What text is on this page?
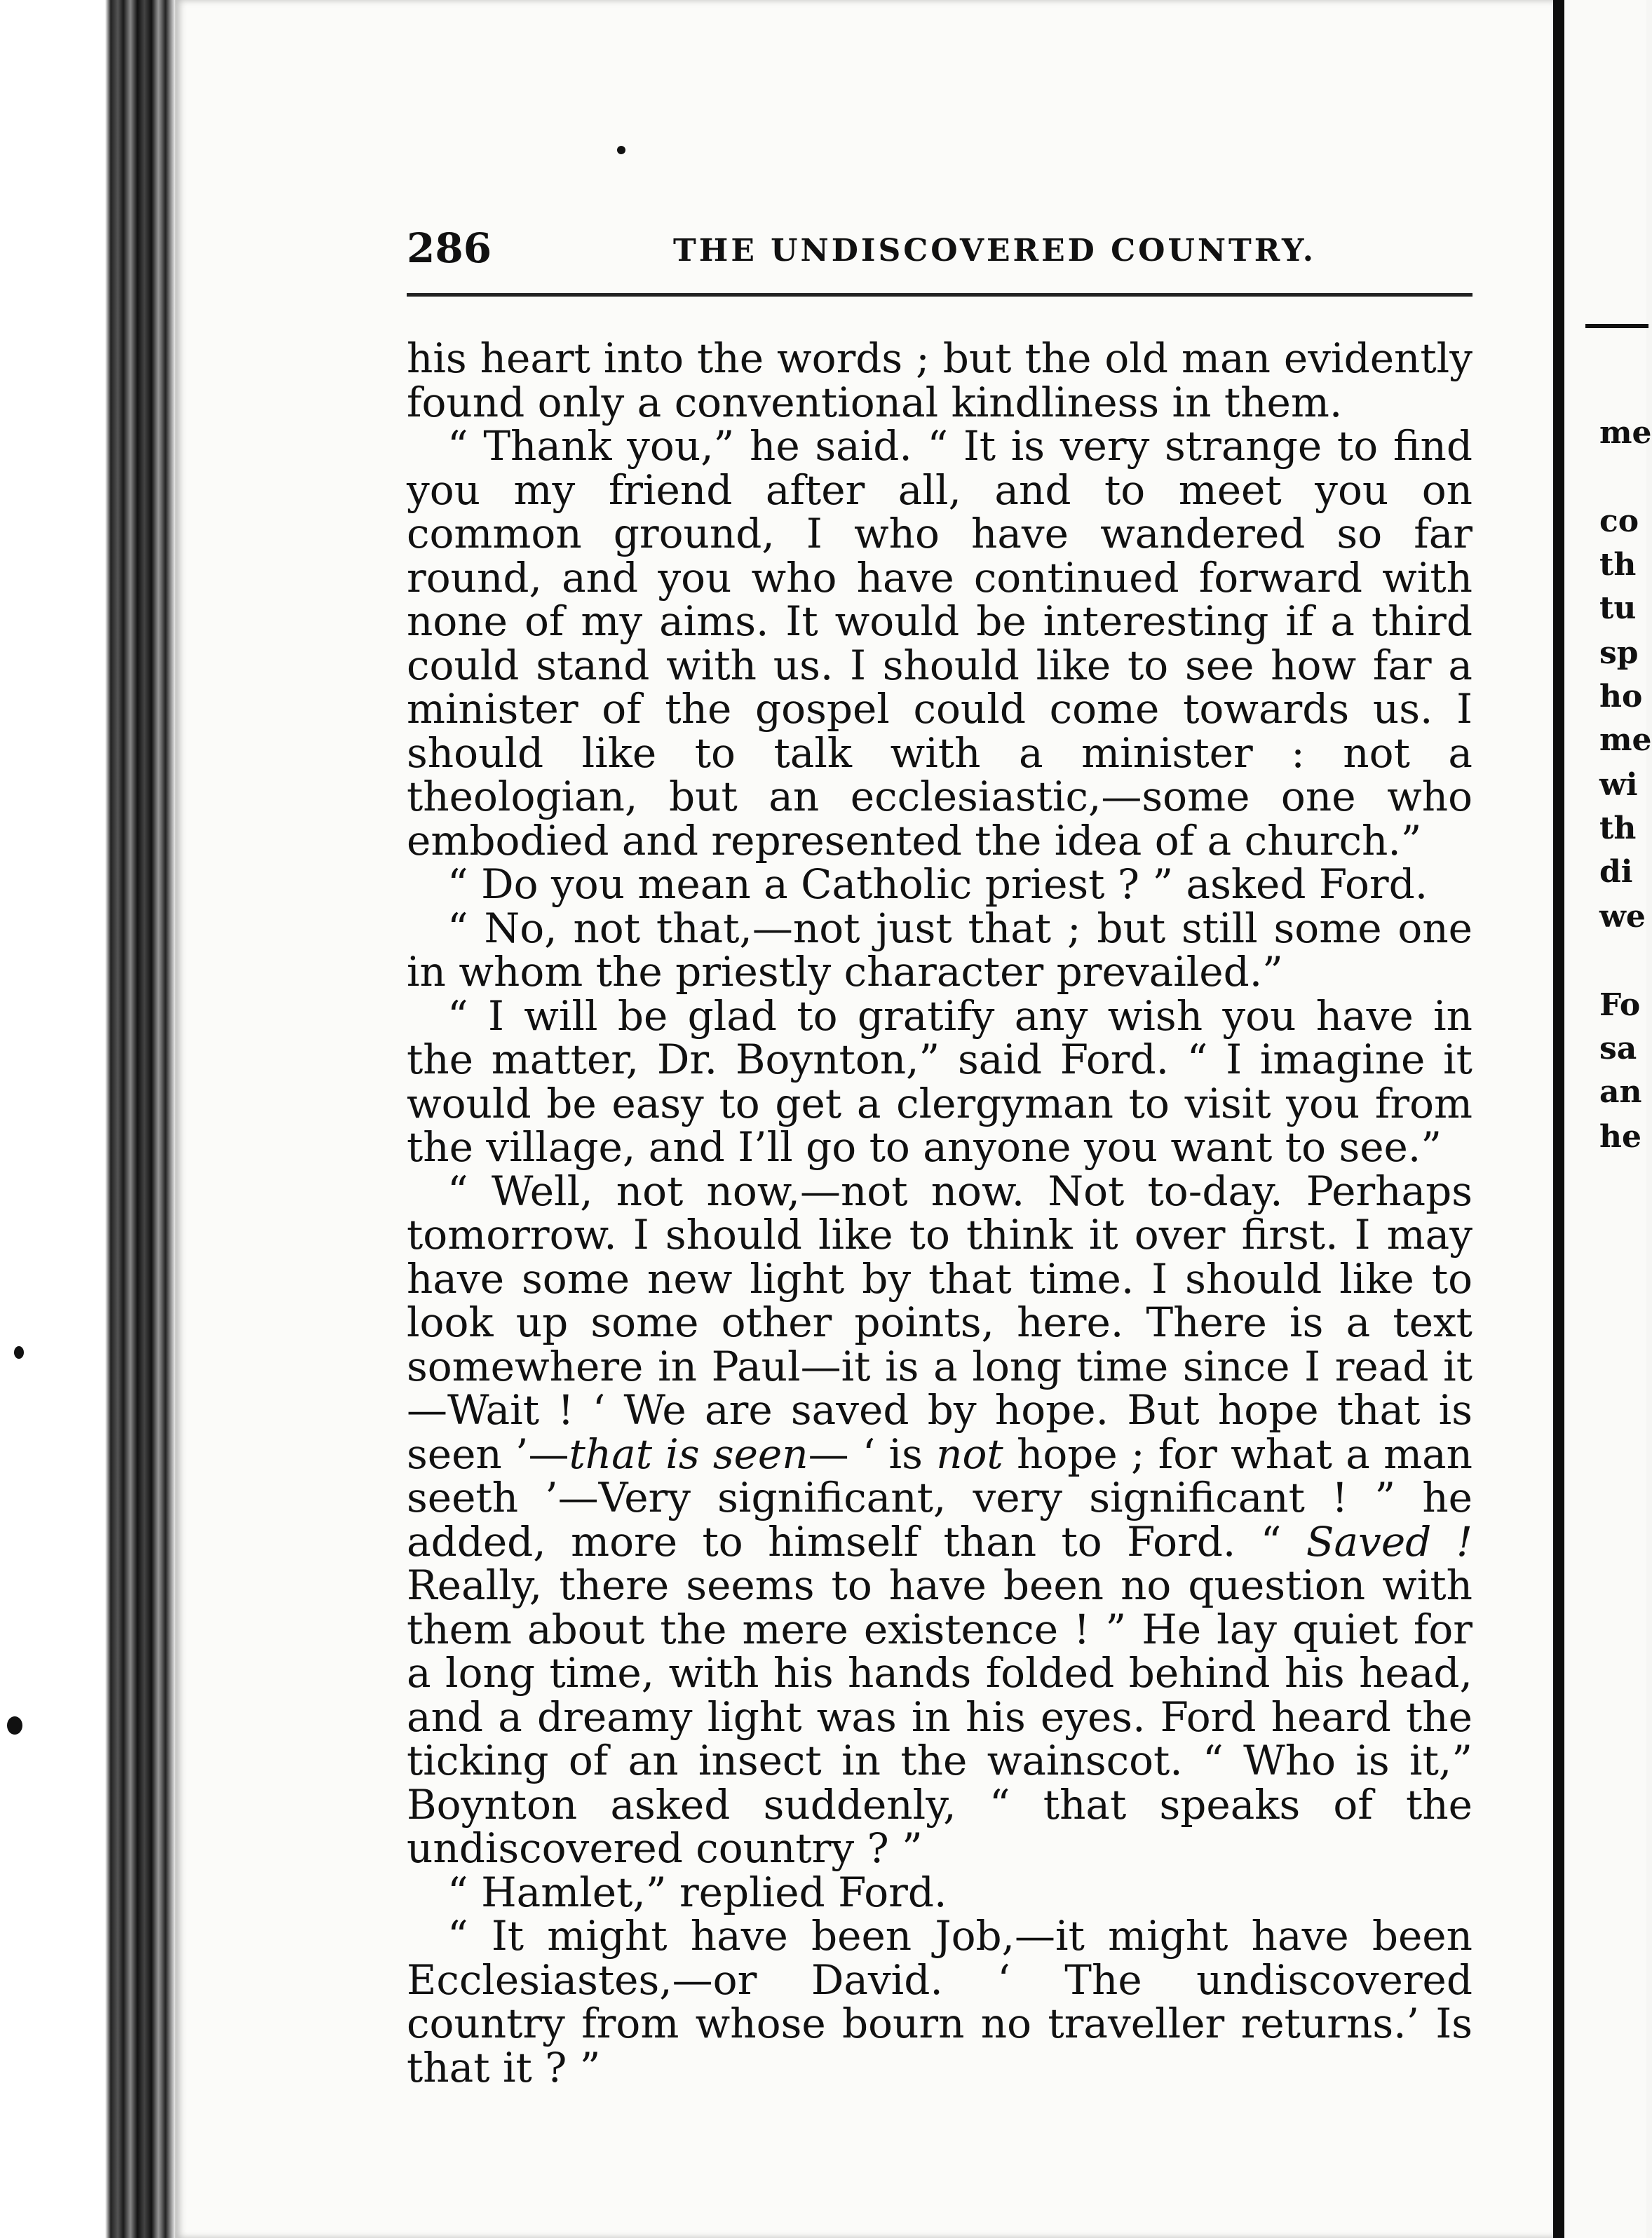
me
co
th
tu
sp
ho
me
wi
th
di
we
Fo
sa
an
he
286	THE UNDISCOVERED COUNTRY.

his heart into the words ; but the old man evidently found only a conventional kindliness in them.

“ Thank you,” he said. “ It is very strange to find you my friend after all, and to meet you on common ground, I who have wandered so far round, and you who have continued forward with none of my aims. It would be interesting if a third could stand with us. I should like to see how far a minister of the gospel could come towards us. I should like to talk with a minister : not a theologian, but an ecclesiastic,—some one who embodied and represented the idea of a church.”

“ Do you mean a Catholic priest ? ” asked Ford.

“ No, not that,—not just that ; but still some one in whom the priestly character prevailed.”

“ I will be glad to gratify any wish you have in the matter, Dr. Boynton,” said Ford. “ I imagine it would be easy to get a clergyman to visit you from the village, and I’ll go to anyone you want to see.”

“ Well, not now,—not now. Not to-day. Perhaps tomorrow. I should like to think it over first. I may have some new light by that time. I should like to look up some other points, here. There is a text somewhere in Paul—it is a long time since I read it—Wait ! ‘ We are saved by hope. But hope that is seen ’—that is seen— ‘ is not hope ; for what a man seeth ’—Very significant, very significant ! ” he added, more to himself than to Ford. “ Saved ! Really, there seems to have been no question with them about the mere existence ! ” He lay quiet for a long time, with his hands folded behind his head, and a dreamy light was in his eyes. Ford heard the ticking of an insect in the wainscot. “ Who is it,” Boynton asked suddenly, “ that speaks of the undiscovered country ? ”

“ Hamlet,” replied Ford.

“ It might have been Job,—it might have been Ecclesiastes,—or David. ‘ The undiscovered country from whose bourn no traveller returns.’ Is that it ? ”
